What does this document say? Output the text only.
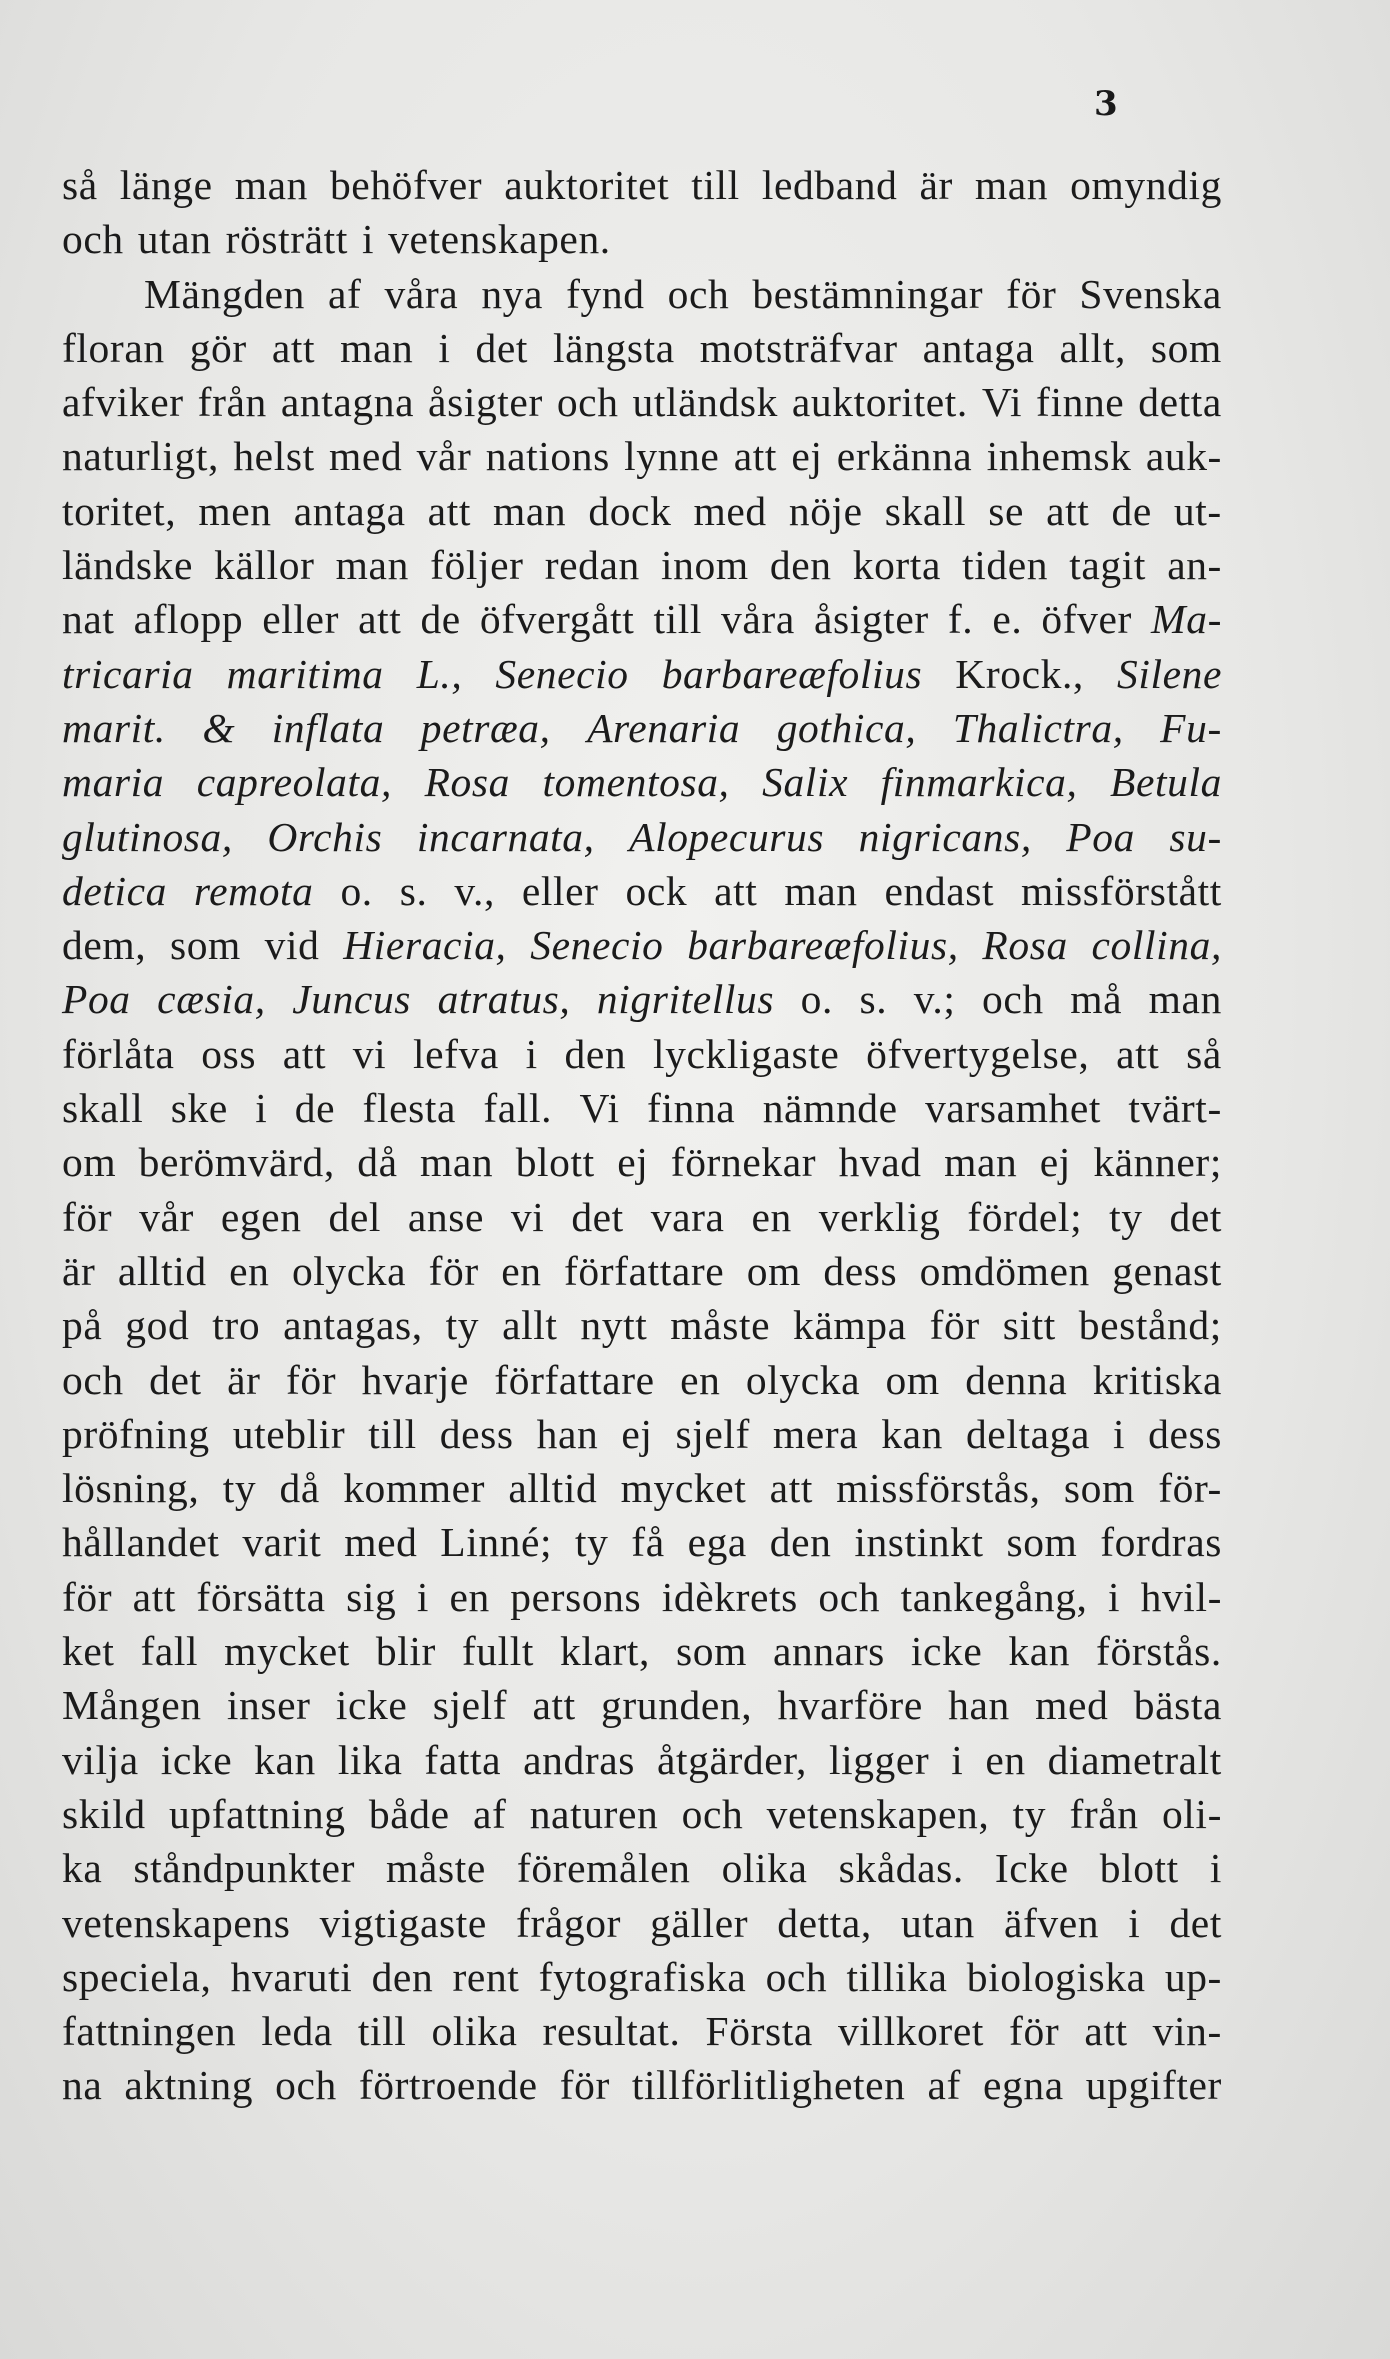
3
så länge man behöfver auktoritet till ledband är man omyndig
och utan rösträtt i vetenskapen.
Mängden af våra nya fynd och bestämningar för Svenska
floran gör att man i det längsta motsträfvar antaga allt, som
afviker från antagna åsigter och utländsk auktoritet. Vi finne detta
naturligt, helst med vår nations lynne att ej erkänna inhemsk auk-
toritet, men antaga att man dock med nöje skall se att de ut-
ländske källor man följer redan inom den korta tiden tagit an-
nat aflopp eller att de öfvergått till våra åsigter f. e. öfver Ma-
tricaria maritima L., Senecio barbareæfolius Krock., Silene
marit. & inflata petræa, Arenaria gothica, Thalictra, Fu-
maria capreolata, Rosa tomentosa, Salix finmarkica, Betula
glutinosa, Orchis incarnata, Alopecurus nigricans, Poa su-
detica remota o. s. v., eller ock att man endast missförstått
dem, som vid Hieracia, Senecio barbareæfolius, Rosa collina,
Poa cæsia, Juncus atratus, nigritellus o. s. v.; och må man
förlåta oss att vi lefva i den lyckligaste öfvertygelse, att så
skall ske i de flesta fall. Vi finna nämnde varsamhet tvärt-
om berömvärd, då man blott ej förnekar hvad man ej känner;
för vår egen del anse vi det vara en verklig fördel; ty det
är alltid en olycka för en författare om dess omdömen genast
på god tro antagas, ty allt nytt måste kämpa för sitt bestånd;
och det är för hvarje författare en olycka om denna kritiska
pröfning uteblir till dess han ej sjelf mera kan deltaga i dess
lösning, ty då kommer alltid mycket att missförstås, som för-
hållandet varit med Linné; ty få ega den instinkt som fordras
för att försätta sig i en persons idèkrets och tankegång, i hvil-
ket fall mycket blir fullt klart, som annars icke kan förstås.
Mången inser icke sjelf att grunden, hvarföre han med bästa
vilja icke kan lika fatta andras åtgärder, ligger i en diametralt
skild upfattning både af naturen och vetenskapen, ty från oli-
ka ståndpunkter måste föremålen olika skådas. Icke blott i
vetenskapens vigtigaste frågor gäller detta, utan äfven i det
speciela, hvaruti den rent fytografiska och tillika biologiska up-
fattningen leda till olika resultat. Första villkoret för att vin-
na aktning och förtroende för tillförlitligheten af egna upgifter
